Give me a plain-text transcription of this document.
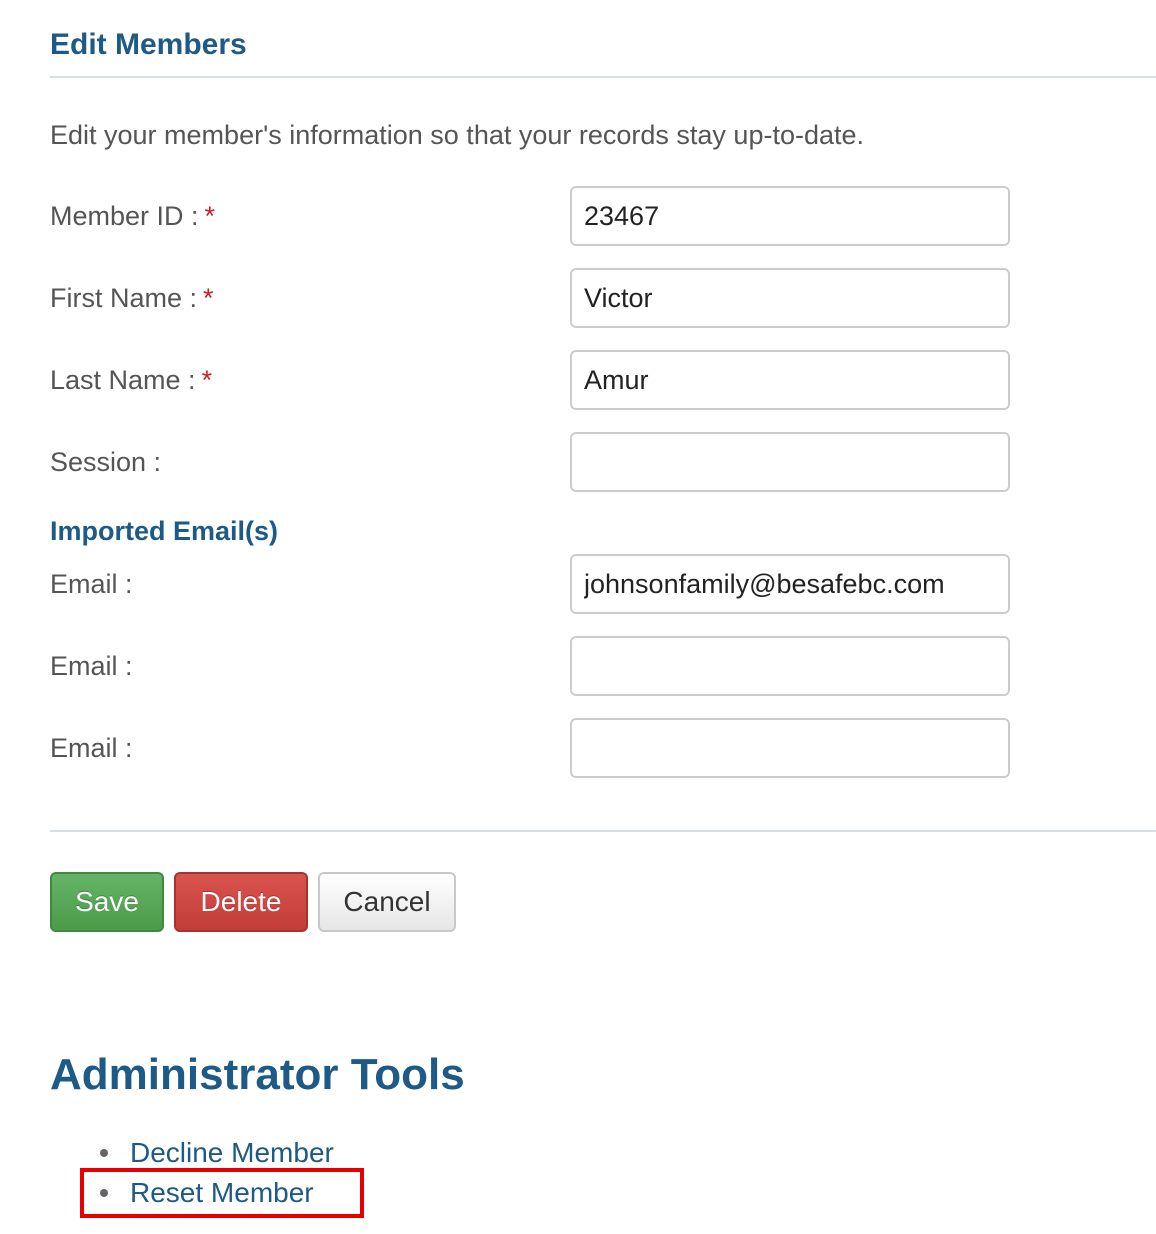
Edit Members

Edit your member's information so that your records stay up-to-date.

Member ID : *
23467
First Name : *
Victor
Last Name : *
Amur
Session :
Imported Email(s)
Email :
johnsonfamily@besafebc.com
Email :
Email :
Save	Delete	Cancel
Administrator Tools
Decline Member
Reset Member
